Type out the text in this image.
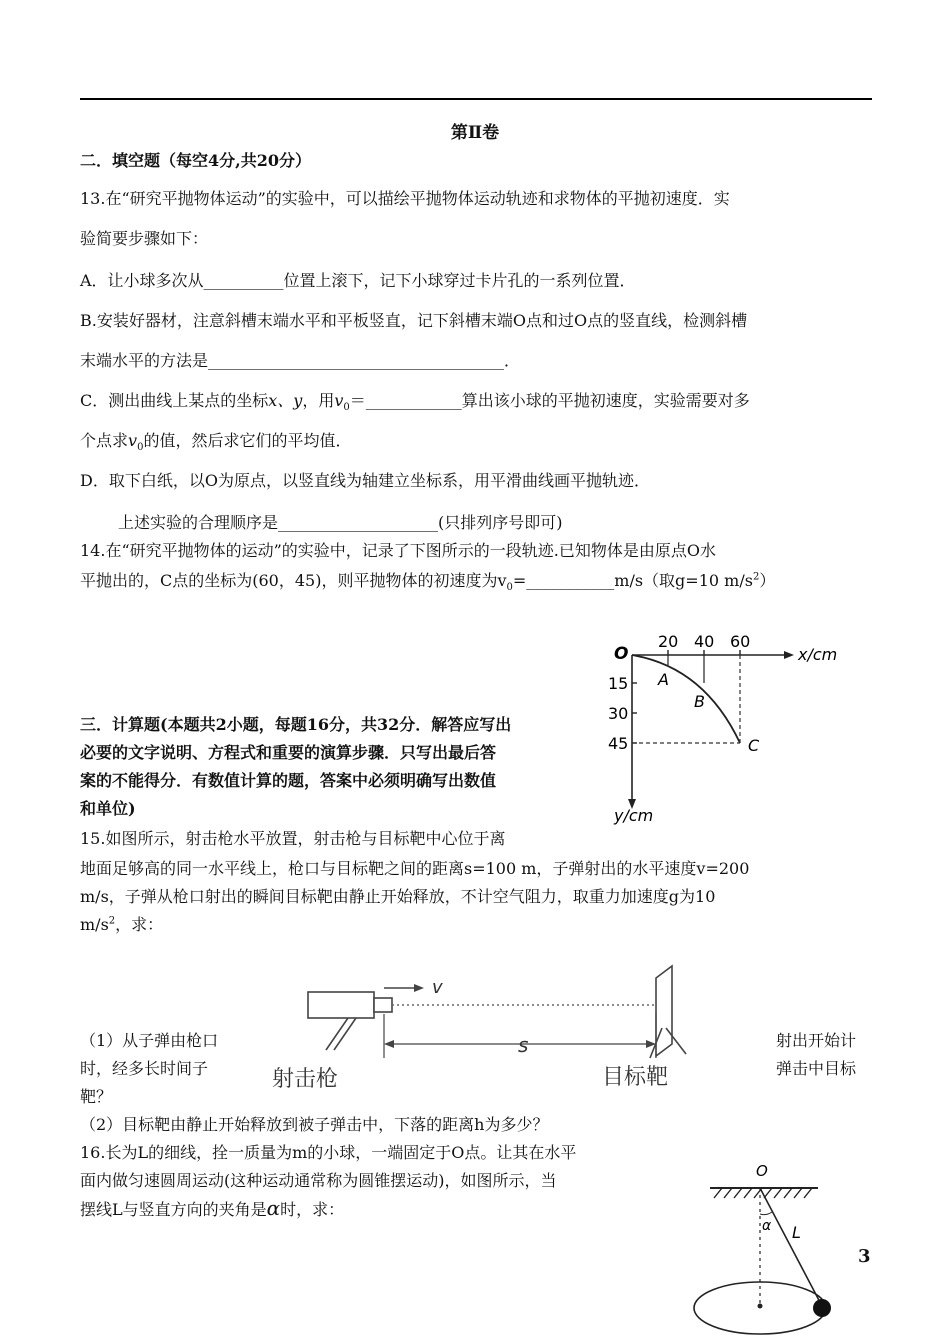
第Ⅱ卷
二．填空题（每空4分,共20分）
13.在“研究平抛物体运动”的实验中，可以描绘平抛物体运动轨迹和求物体的平抛初速度．实
验简要步骤如下：
A．让小球多次从__________位置上滚下，记下小球穿过卡片孔的一系列位置．
B.安装好器材，注意斜槽末端水平和平板竖直，记下斜槽末端O点和过O点的竖直线，检测斜槽
末端水平的方法是_____________________________________．
C．测出曲线上某点的坐标x、y，用$v_0=\_\_\_\_\_\_\_\_\_\_\_\_$算出该小球的平抛初速度，实验需要对多
个点求$v_0$的值，然后求它们的平均值．
D．取下白纸，以O为原点，以竖直线为轴建立坐标系，用平滑曲线画平抛轨迹．
上述实验的合理顺序是____________________(只排列序号即可)
14.在“研究平抛物体的运动”的实验中，记录了下图所示的一段轨迹.已知物体是由原点O水
平抛出的，C点的坐标为(60，45)，则平抛物体的初速度为$v_0=\_\_\_\_\_\_\_\_\_\_\_m/s$（取g=10 $m/s^2$）
O
20 40 60
x/cm
15
30
45
y/cm
A
B
C
三．计算题(本题共2小题，每题16分，共32分．解答应写出
必要的文字说明、方程式和重要的演算步骤．只写出最后答
案的不能得分．有数值计算的题，答案中必须明确写出数值
和单位)
15.如图所示，射击枪水平放置，射击枪与目标靶中心位于离
地面足够高的同一水平线上，枪口与目标靶之间的距离s=100 m，子弹射出的水平速度v=200
m/s，子弹从枪口射出的瞬间目标靶由静止开始释放，不计空气阻力，取重力加速度g为10
$m/s^2$，求：
v
s
射击枪	目标靶
（1）从子弹由枪口
时，经多长时间子
靶？
射出开始计
弹击中目标
（2）目标靶由静止开始释放到被子弹击中，下落的距离h为多少？
16.长为L的细线，拴一质量为m的小球，一端固定于O点。让其在水平
面内做匀速圆周运动(这种运动通常称为圆锥摆运动)，如图所示，当
摆线L与竖直方向的夹角是α时，求：
O
α L
3
